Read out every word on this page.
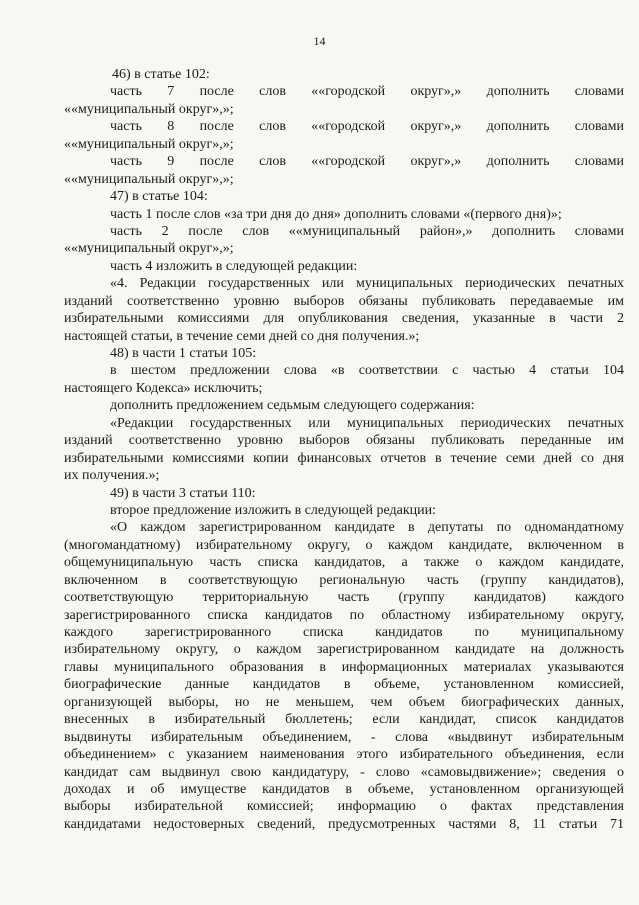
14
46) в статье 102:
часть 7 после слов ««городской округ»,» дополнить словами
««муниципальный округ»,»;
часть 8 после слов ««городской округ»,» дополнить словами
««муниципальный округ»,»;
часть 9 после слов ««городской округ»,» дополнить словами
««муниципальный округ»,»;
47) в статье 104:
часть 1 после слов «за три дня до дня» дополнить словами «(первого дня)»;
часть 2 после слов ««муниципальный район»,» дополнить словами
««муниципальный округ»,»;
часть 4 изложить в следующей редакции:
«4. Редакции государственных или муниципальных периодических печатных
изданий соответственно уровню выборов обязаны публиковать передаваемые им
избирательными комиссиями для опубликования сведения, указанные в части 2
настоящей статьи, в течение семи дней со дня получения.»;
48) в части 1 статьи 105:
в шестом предложении слова «в соответствии с частью 4 статьи 104
настоящего Кодекса» исключить;
дополнить предложением седьмым следующего содержания:
«Редакции государственных или муниципальных периодических печатных
изданий соответственно уровню выборов обязаны публиковать переданные им
избирательными комиссиями копии финансовых отчетов в течение семи дней со дня
их получения.»;
49) в части 3 статьи 110:
второе предложение изложить в следующей редакции:
«О каждом зарегистрированном кандидате в депутаты по одномандатному
(многомандатному) избирательному округу, о каждом кандидате, включенном в
общемуниципальную часть списка кандидатов, а также о каждом кандидате,
включенном в соответствующую региональную часть (группу кандидатов),
соответствующую территориальную часть (группу кандидатов) каждого
зарегистрированного списка кандидатов по областному избирательному округу,
каждого зарегистрированного списка кандидатов по муниципальному
избирательному округу, о каждом зарегистрированном кандидате на должность
главы муниципального образования в информационных материалах указываются
биографические данные кандидатов в объеме, установленном комиссией,
организующей выборы, но не меньшем, чем объем биографических данных,
внесенных в избирательный бюллетень; если кандидат, список кандидатов
выдвинуты избирательным объединением, - слова «выдвинут избирательным
объединением» с указанием наименования этого избирательного объединения, если
кандидат сам выдвинул свою кандидатуру, - слово «самовыдвижение»; сведения о
доходах и об имуществе кандидатов в объеме, установленном организующей
выборы избирательной комиссией; информацию о фактах представления
кандидатами недостоверных сведений, предусмотренных частями 8, 11 статьи 71
